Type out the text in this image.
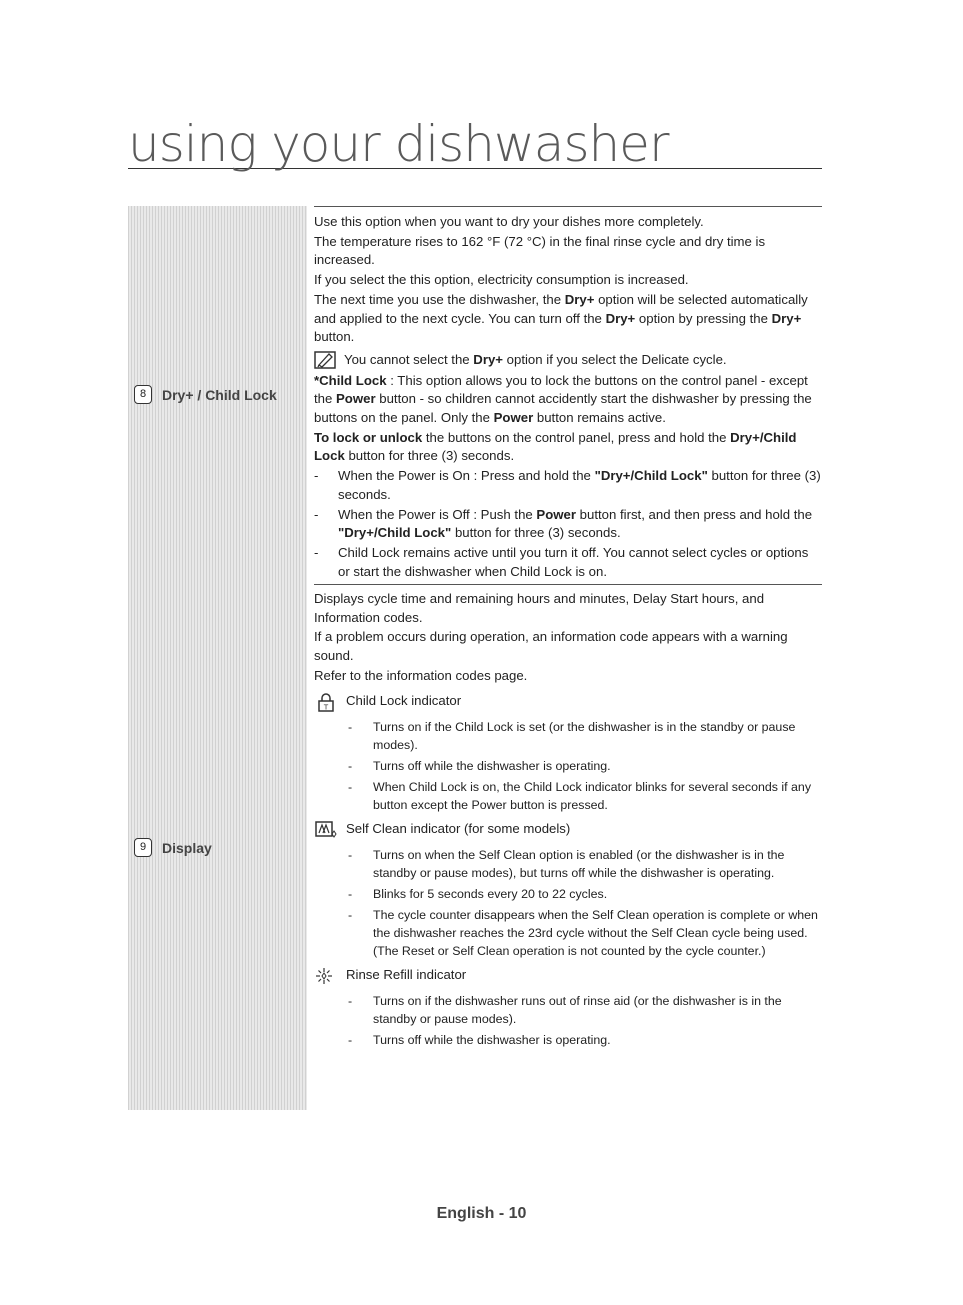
using your dishwasher
8	Dry+ / Child Lock

Use this option when you want to dry your dishes more completely.

The temperature rises to 162 °F (72 °C) in the final rinse cycle and dry time is increased.

If you select the this option, electricity consumption is increased.

The next time you use the dishwasher, the Dry+ option will be selected automatically and applied to the next cycle. You can turn off the Dry+ option by pressing the Dry+ button.

You cannot select the Dry+ option if you select the Delicate cycle.

*Child Lock : This option allows you to lock the buttons on the control panel - except the Power button - so children cannot accidently start the dishwasher by pressing the buttons on the panel. Only the Power button remains active.

To lock or unlock the buttons on the control panel, press and hold the Dry+/Child Lock button for three (3) seconds.

-	When the Power is On : Press and hold the "Dry+/Child Lock" button for three (3) seconds.
-	When the Power is Off : Push the Power button first, and then press and hold the "Dry+/Child Lock" button for three (3) seconds.
-	Child Lock remains active until you turn it off. You cannot select cycles or options or start the dishwasher when Child Lock is on.
9	Display

Displays cycle time and remaining hours and minutes, Delay Start hours, and Information codes.

If a problem occurs during operation, an information code appears with a warning sound.

Refer to the information codes page.

T Child Lock indicator
-	Turns on if the Child Lock is set (or the dishwasher is in the standby or pause modes).
-	Turns off while the dishwasher is operating.
-	When Child Lock is on, the Child Lock indicator blinks for several seconds if any button except the Power button is pressed.
Self Clean indicator (for some models)
-	Turns on when the Self Clean option is enabled (or the dishwasher is in the standby or pause modes), but turns off while the dishwasher is operating.
-	Blinks for 5 seconds every 20 to 22 cycles.
-	The cycle counter disappears when the Self Clean operation is complete or when the dishwasher reaches the 23rd cycle without the Self Clean cycle being used. (The Reset or Self Clean operation is not counted by the cycle counter.)
Rinse Refill indicator
-	Turns on if the dishwasher runs out of rinse aid (or the dishwasher is in the standby or pause modes).
-	Turns off while the dishwasher is operating.
English - 10
